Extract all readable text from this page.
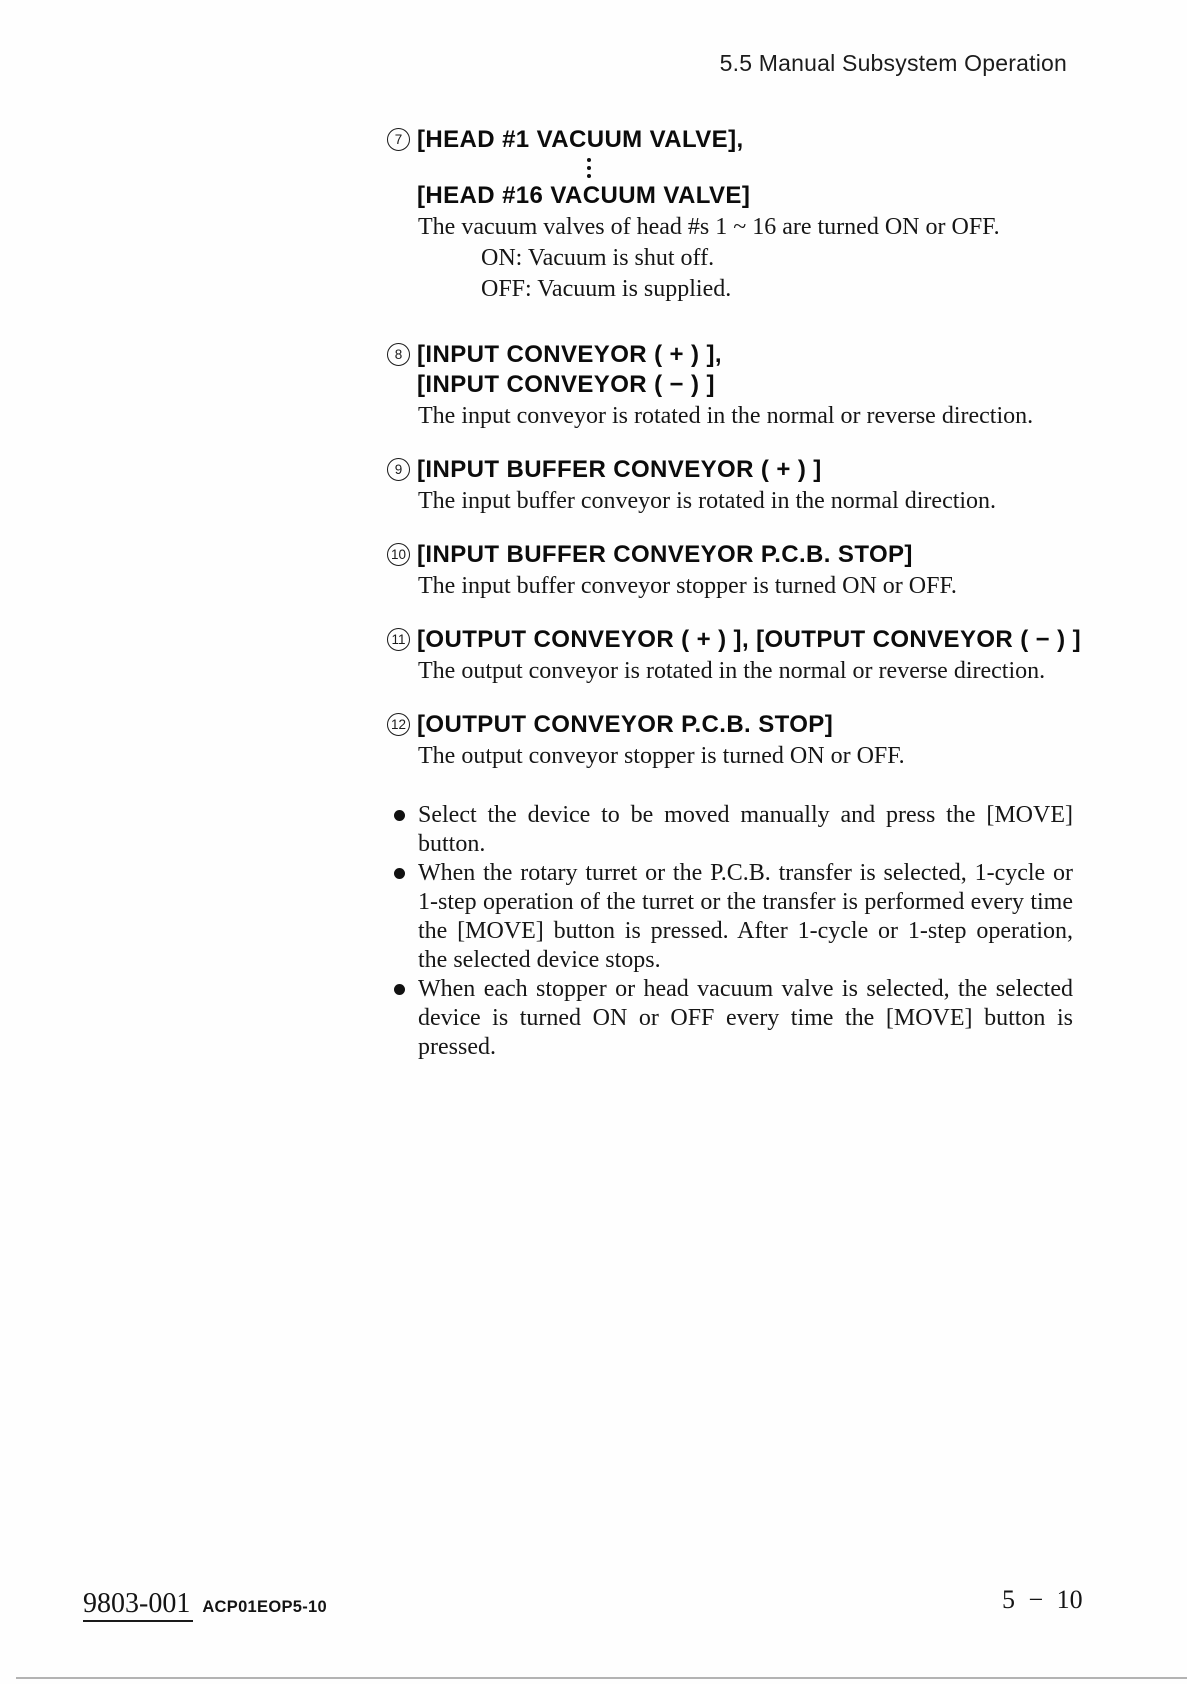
5.5 Manual Subsystem Operation
7 [HEAD #1 VACUUM VALVE],
[HEAD #16 VACUUM VALVE]
The vacuum valves of head #s 1 ~ 16 are turned ON or OFF.
ON: Vacuum is shut off.
OFF: Vacuum is supplied.
8 [INPUT CONVEYOR ( + ) ],
[INPUT CONVEYOR ( − ) ]
The input conveyor is rotated in the normal or reverse direction.
9 [INPUT BUFFER CONVEYOR ( + ) ]
The input buffer conveyor is rotated in the normal direction.
10 [INPUT BUFFER CONVEYOR P.C.B. STOP]
The input buffer conveyor stopper is turned ON or OFF.
11 [OUTPUT CONVEYOR ( + ) ], [OUTPUT CONVEYOR ( − ) ]
The output conveyor is rotated in the normal or reverse direction.
12 [OUTPUT CONVEYOR P.C.B. STOP]
The output conveyor stopper is turned ON or OFF.

Select the device to be moved manually and press the [MOVE] button.

When the rotary turret or the P.C.B. transfer is selected, 1-cycle or 1-step operation of the turret or the transfer is performed every time the [MOVE] button is pressed. After 1-cycle or 1-step operation, the selected device stops.

When each stopper or head vacuum valve is selected, the selected device is turned ON or OFF every time the [MOVE] button is pressed.

9803-001 ACP01EOP5-10	5 − 10
